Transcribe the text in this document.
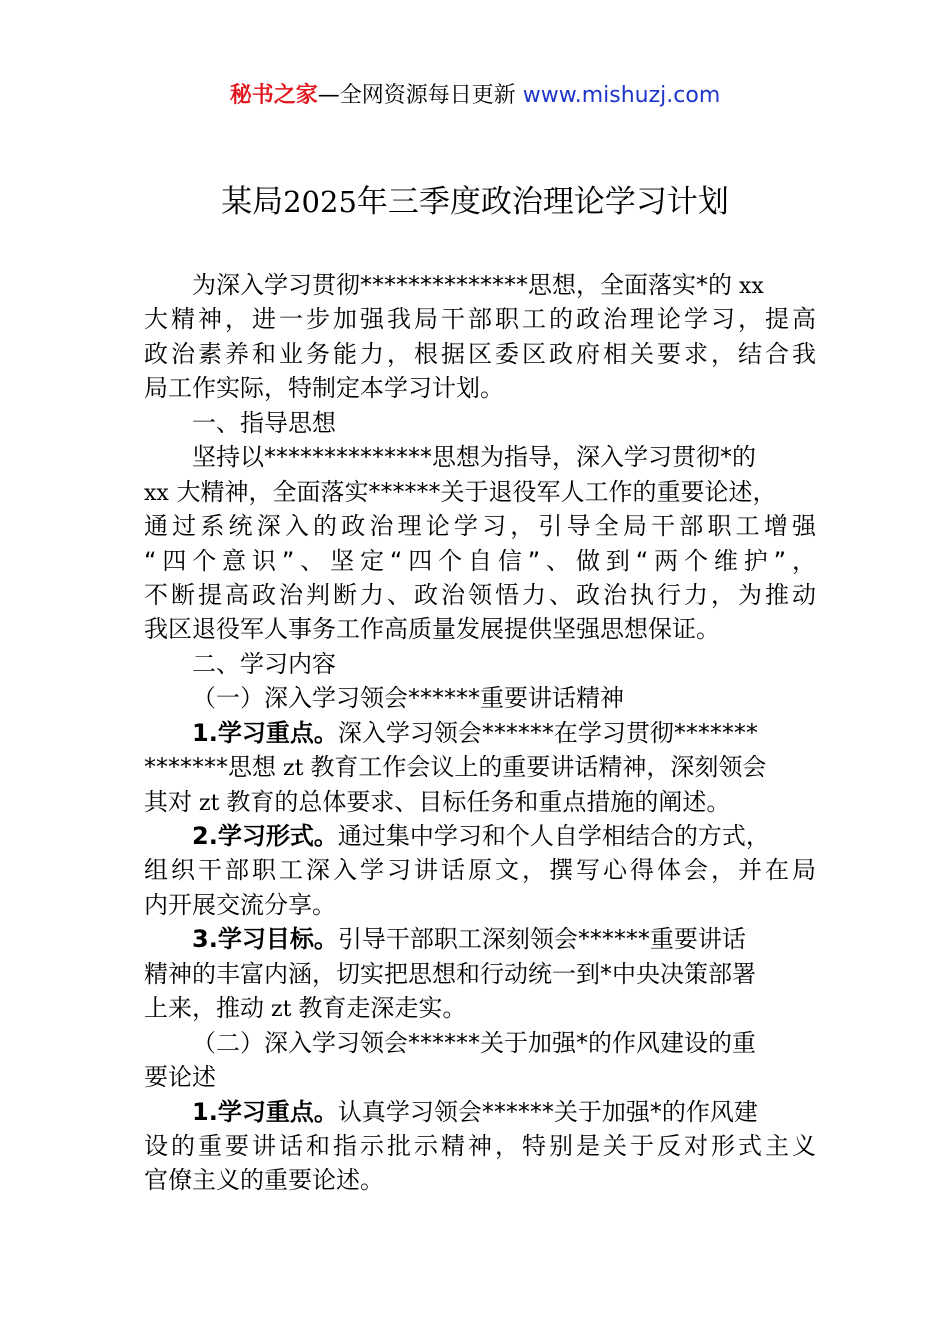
秘书之家—全网资源每日更新 www.mishuzj.com
某局2025年三季度政治理论学习计划
为深入学习贯彻**************思想，全面落实*的 xx
大精神，进一步加强我局干部职工的政治理论学习，提高
政治素养和业务能力，根据区委区政府相关要求，结合我
局工作实际，特制定本学习计划。
一、指导思想
坚持以**************思想为指导，深入学习贯彻*的
xx 大精神，全面落实******关于退役军人工作的重要论述，
通过系统深入的政治理论学习，引导全局干部职工增强
“四个意识”、坚定“四个自信”、做到“两个维护”，
不断提高政治判断力、政治领悟力、政治执行力，为推动
我区退役军人事务工作高质量发展提供坚强思想保证。
二、学习内容
（一）深入学习领会******重要讲话精神
1.学习重点。深入学习领会******在学习贯彻*******
*******思想 zt 教育工作会议上的重要讲话精神，深刻领会
其对 zt 教育的总体要求、目标任务和重点措施的阐述。
2.学习形式。通过集中学习和个人自学相结合的方式，
组织干部职工深入学习讲话原文，撰写心得体会，并在局
内开展交流分享。
3.学习目标。引导干部职工深刻领会******重要讲话
精神的丰富内涵，切实把思想和行动统一到*中央决策部署
上来，推动 zt 教育走深走实。
（二）深入学习领会******关于加强*的作风建设的重
要论述
1.学习重点。认真学习领会******关于加强*的作风建
设的重要讲话和指示批示精神，特别是关于反对形式主义
官僚主义的重要论述。
